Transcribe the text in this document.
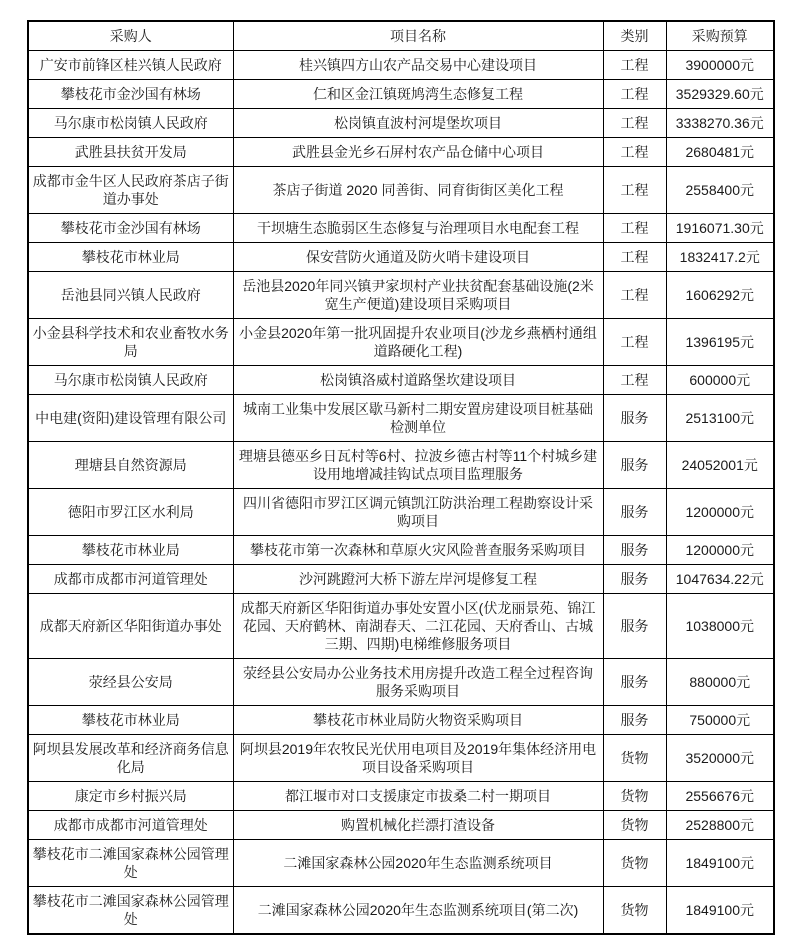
采购人	项目名称	类别	采购预算
广安市前锋区桂兴镇人民政府	桂兴镇四方山农产品交易中心建设项目	工程	3900000元
攀枝花市金沙国有林场	仁和区金江镇斑鸠湾生态修复工程	工程	3529329.60元
马尔康市松岗镇人民政府	松岗镇直波村河堤堡坎项目	工程	3338270.36元
武胜县扶贫开发局	武胜县金光乡石屏村农产品仓储中心项目	工程	2680481元
成都市金牛区人民政府茶店子街道办事处	茶店子街道 2020 同善街、同育街街区美化工程	工程	2558400元
攀枝花市金沙国有林场	干坝塘生态脆弱区生态修复与治理项目水电配套工程	工程	1916071.30元
攀枝花市林业局	保安营防火通道及防火哨卡建设项目	工程	1832417.2元
岳池县同兴镇人民政府	岳池县2020年同兴镇尹家坝村产业扶贫配套基础设施(2米宽生产便道)建设项目采购项目	工程	1606292元
小金县科学技术和农业畜牧水务局	小金县2020年第一批巩固提升农业项目(沙龙乡燕栖村通组道路硬化工程)	工程	1396195元
马尔康市松岗镇人民政府	松岗镇洛威村道路堡坎建设项目	工程	600000元
中电建(资阳)建设管理有限公司	城南工业集中发展区歇马新村二期安置房建设项目桩基础检测单位	服务	2513100元
理塘县自然资源局	理塘县德巫乡日瓦村等6村、拉波乡德古村等11个村城乡建设用地增减挂钩试点项目监理服务	服务	24052001元
德阳市罗江区水利局	四川省德阳市罗江区调元镇凯江防洪治理工程勘察设计采购项目	服务	1200000元
攀枝花市林业局	攀枝花市第一次森林和草原火灾风险普查服务采购项目	服务	1200000元
成都市成都市河道管理处	沙河跳蹬河大桥下游左岸河堤修复工程	服务	1047634.22元
成都天府新区华阳街道办事处	成都天府新区华阳街道办事处安置小区(伏龙丽景苑、锦江花园、天府鹤林、南湖春天、二江花园、天府香山、古城三期、四期)电梯维修服务项目	服务	1038000元
荥经县公安局	荥经县公安局办公业务技术用房提升改造工程全过程咨询服务采购项目	服务	880000元
攀枝花市林业局	攀枝花市林业局防火物资采购项目	服务	750000元
阿坝县发展改革和经济商务信息化局	阿坝县2019年农牧民光伏用电项目及2019年集体经济用电项目设备采购项目	货物	3520000元
康定市乡村振兴局	都江堰市对口支援康定市拔桑二村一期项目	货物	2556676元
成都市成都市河道管理处	购置机械化拦漂打渣设备	货物	2528800元
攀枝花市二滩国家森林公园管理处	二滩国家森林公园2020年生态监测系统项目	货物	1849100元
攀枝花市二滩国家森林公园管理处	二滩国家森林公园2020年生态监测系统项目(第二次)	货物	1849100元
